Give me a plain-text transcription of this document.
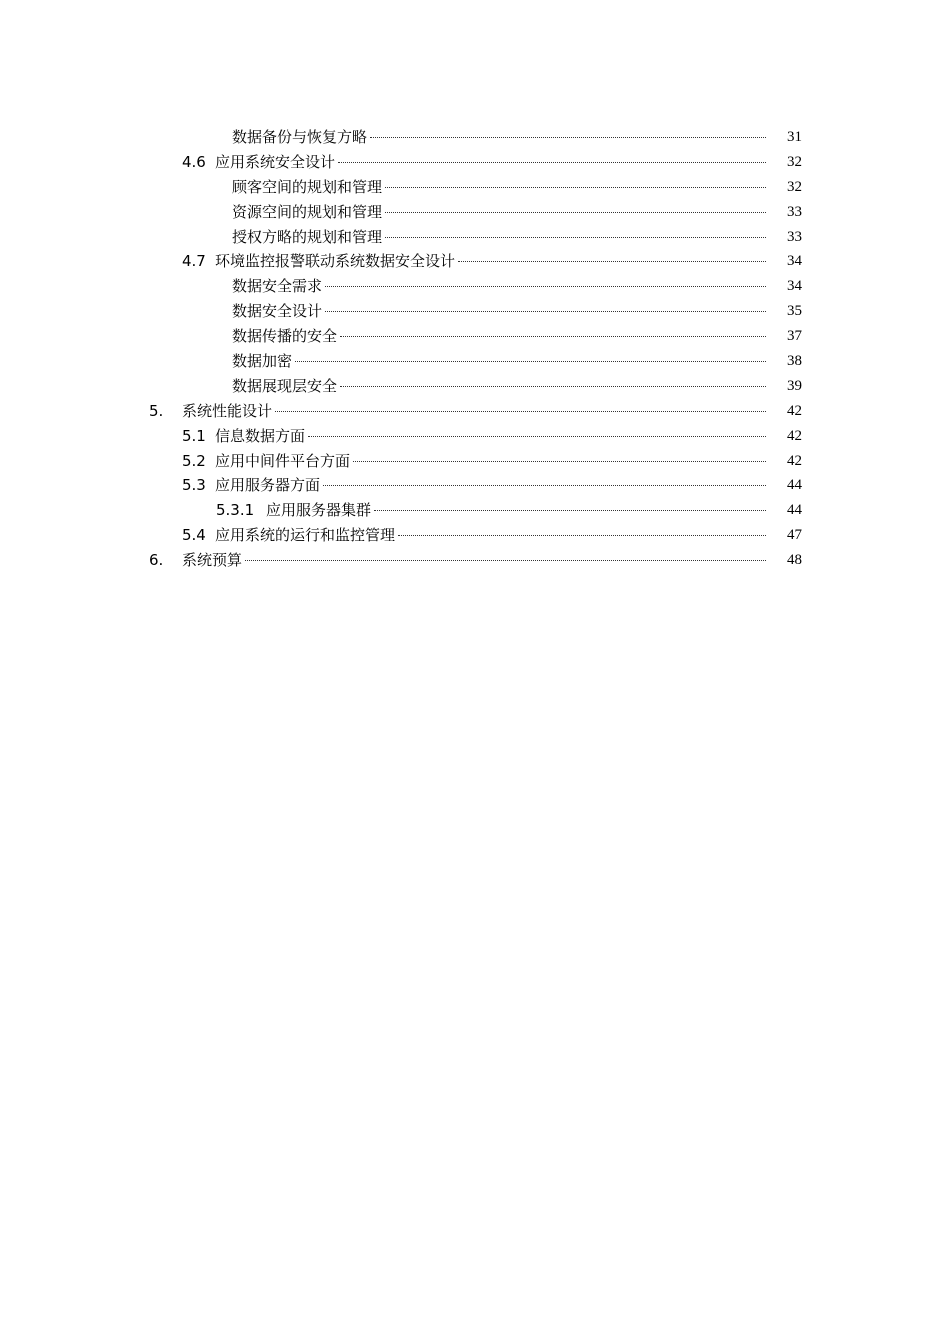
数据备份与恢复方略	31
4.6 应用系统安全设计	32
顾客空间的规划和管理	32
资源空间的规划和管理	33
授权方略的规划和管理	33
4.7 环境监控报警联动系统数据安全设计	34
数据安全需求	34
数据安全设计	35
数据传播的安全	37
数据加密	38
数据展现层安全	39
5. 系统性能设计	42
5.1 信息数据方面	42
5.2 应用中间件平台方面	42
5.3 应用服务器方面	44
5.3.1 应用服务器集群	44
5.4 应用系统的运行和监控管理	47
6. 系统预算	48
